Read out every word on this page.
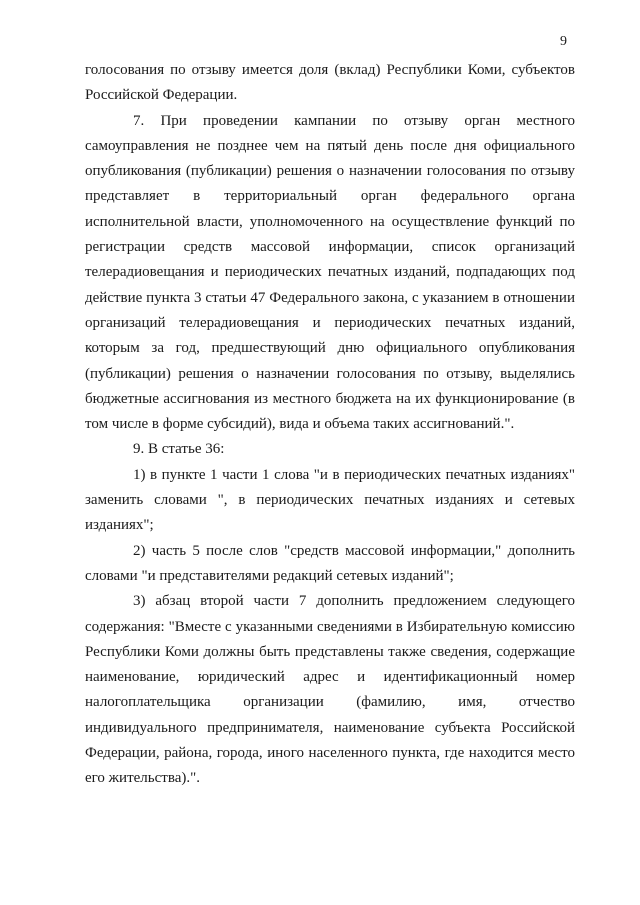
9

голосования по отзыву имеется доля (вклад) Республики Коми, субъектов Российской Федерации.

7. При проведении кампании по отзыву орган местного самоуправления не позднее чем на пятый день после дня официального опубликования (публикации) решения о назначении голосования по отзыву представляет в территориальный орган федерального органа исполнительной власти, уполномоченного на осуществление функций по регистрации средств массовой информации, список организаций телерадиовещания и периодических печатных изданий, подпадающих под действие пункта 3 статьи 47 Федерального закона, с указанием в отношении организаций телерадиовещания и периодических печатных изданий, которым за год, предшествующий дню официального опубликования (публикации) решения о назначении голосования по отзыву, выделялись бюджетные ассигнования из местного бюджета на их функционирование (в том числе в форме субсидий), вида и объема таких ассигнований.".

9. В статье 36:

1) в пункте 1 части 1 слова "и в периодических печатных изданиях" заменить словами ", в периодических печатных изданиях и сетевых изданиях";

2) часть 5 после слов "средств массовой информации," дополнить словами "и представителями редакций сетевых изданий";

3) абзац второй части 7 дополнить предложением следующего содержания: "Вместе с указанными сведениями в Избирательную комиссию Республики Коми должны быть представлены также сведения, содержащие наименование, юридический адрес и идентификационный номер налогоплательщика организации (фамилию, имя, отчество индивидуального предпринимателя, наименование субъекта Российской Федерации, района, города, иного населенного пункта, где находится место его жительства).".
